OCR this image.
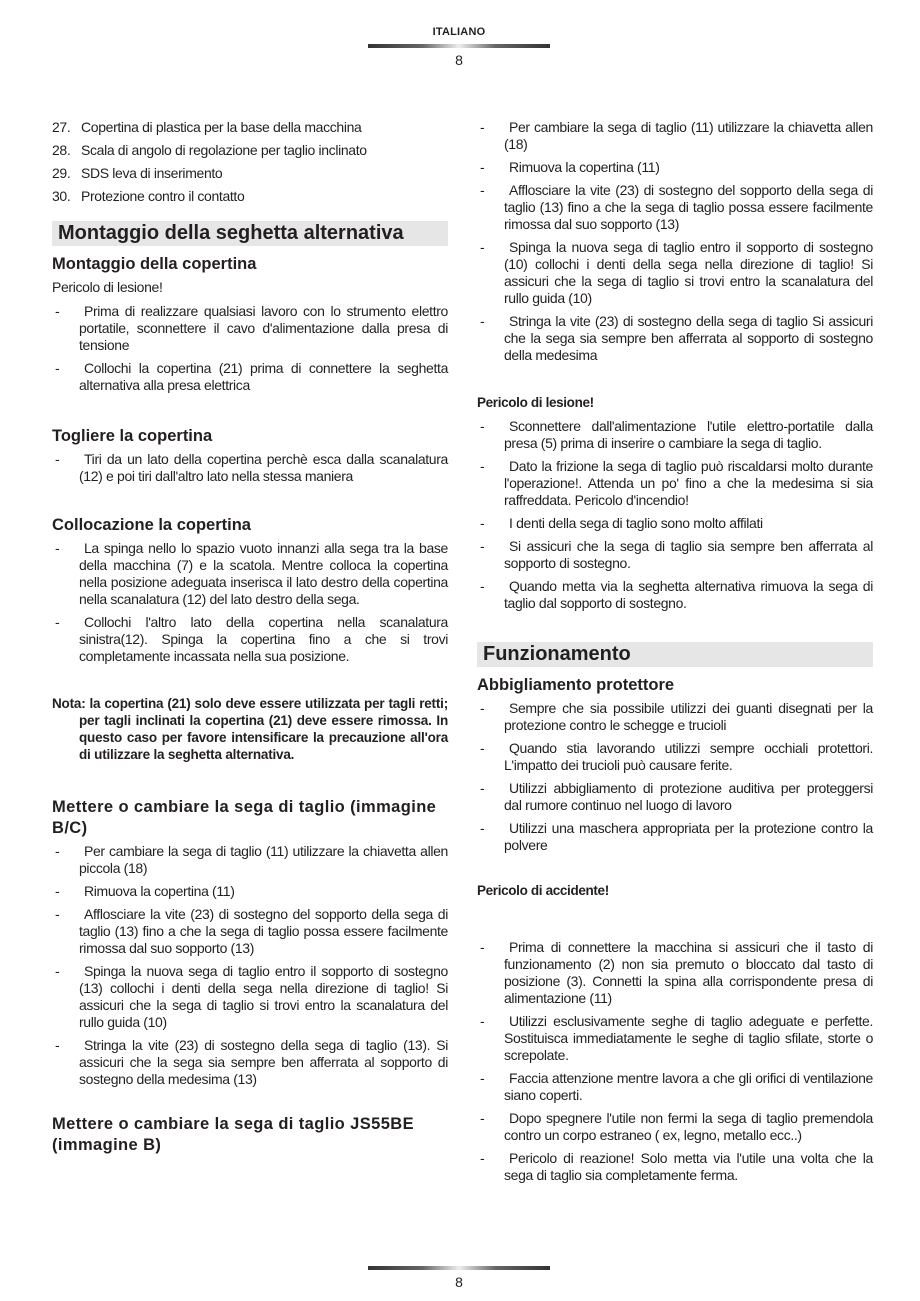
ITALIANO
8
27. Copertina di plastica per la base della macchina
28. Scala di angolo di regolazione per taglio inclinato
29. SDS leva di inserimento
30. Protezione contro il contatto
Montaggio della seghetta alternativa
Montaggio della copertina
Pericolo di lesione!
- Prima di realizzare qualsiasi lavoro con lo strumento elettro portatile, sconnettere il cavo d'alimentazione dalla presa di tensione
- Collochi la copertina (21) prima di connettere la seghetta alternativa alla presa elettrica
Togliere la copertina
- Tiri da un lato della copertina perchè esca dalla scanalatura (12) e poi tiri dall'altro lato nella stessa maniera
Collocazione la copertina
- La spinga nello lo spazio vuoto innanzi alla sega tra la base della macchina (7) e la scatola. Mentre colloca la copertina nella posizione adeguata inserisca il lato destro della copertina nella scanalatura (12) del lato destro della sega.
- Collochi l'altro lato della copertina nella scanalatura sinistra(12). Spinga la copertina fino a che si trovi completamente incassata nella sua posizione.
Nota: la copertina (21) solo deve essere utilizzata per tagli retti; per tagli inclinati la copertina (21) deve essere rimossa. In questo caso per favore intensificare la precauzione all'ora di utilizzare la seghetta alternativa.
Mettere o cambiare la sega di taglio (immagine B/C)
- Per cambiare la sega di taglio (11) utilizzare la chiavetta allen piccola (18)
- Rimuova la copertina (11)
- Afflosciare la vite (23) di sostegno del sopporto della sega di taglio (13) fino a che la sega di taglio possa essere facilmente rimossa dal suo sopporto (13)
- Spinga la nuova sega di taglio entro il sopporto di sostegno (13) collochi i denti della sega nella direzione di taglio! Si assicuri che la sega di taglio si trovi entro la scanalatura del rullo guida (10)
- Stringa la vite (23) di sostegno della sega di taglio (13). Si assicuri che la sega sia sempre ben afferrata al sopporto di sostegno della medesima (13)
Mettere o cambiare la sega di taglio JS55BE (immagine B)
- Per cambiare la sega di taglio (11) utilizzare la chiavetta allen (18)
- Rimuova la copertina (11)
- Afflosciare la vite (23) di sostegno del sopporto della sega di taglio (13) fino a che la sega di taglio possa essere facilmente rimossa dal suo sopporto (13)
- Spinga la nuova sega di taglio entro il sopporto di sostegno (10) collochi i denti della sega nella direzione di taglio! Si assicuri che la sega di taglio si trovi entro la scanalatura del rullo guida (10)
- Stringa la vite (23) di sostegno della sega di taglio Si assicuri che la sega sia sempre ben afferrata al sopporto di sostegno della medesima
Pericolo di lesione!
- Sconnettere dall'alimentazione l'utile elettro-portatile dalla presa (5) prima di inserire o cambiare la sega di taglio.
- Dato la frizione la sega di taglio può riscaldarsi molto durante l'operazione!. Attenda un po' fino a che la medesima si sia raffreddata. Pericolo d'incendio!
- I denti della sega di taglio sono molto affilati
- Si assicuri che la sega di taglio sia sempre ben afferrata al sopporto di sostegno.
- Quando metta via la seghetta alternativa rimuova la sega di taglio dal sopporto di sostegno.
Funzionamento
Abbigliamento protettore
- Sempre che sia possibile utilizzi dei guanti disegnati per la protezione contro le schegge e trucioli
- Quando stia lavorando utilizzi sempre occhiali protettori. L'impatto dei trucioli può causare ferite.
- Utilizzi abbigliamento di protezione auditiva per proteggersi dal rumore continuo nel luogo di lavoro
- Utilizzi una maschera appropriata per la protezione contro la polvere
Pericolo di accidente!
- Prima di connettere la macchina si assicuri che il tasto di funzionamento (2) non sia premuto o bloccato dal tasto di posizione (3). Connetti la spina alla corrispondente presa di alimentazione (11)
- Utilizzi esclusivamente seghe di taglio adeguate e perfette. Sostituisca immediatamente le seghe di taglio sfilate, storte o screpolate.
- Faccia attenzione mentre lavora a che gli orifici di ventilazione siano coperti.
- Dopo spegnere l'utile non fermi la sega di taglio premendola contro un corpo estraneo ( ex, legno, metallo ecc..)
- Pericolo di reazione! Solo metta via l'utile una volta che la sega di taglio sia completamente ferma.
8
